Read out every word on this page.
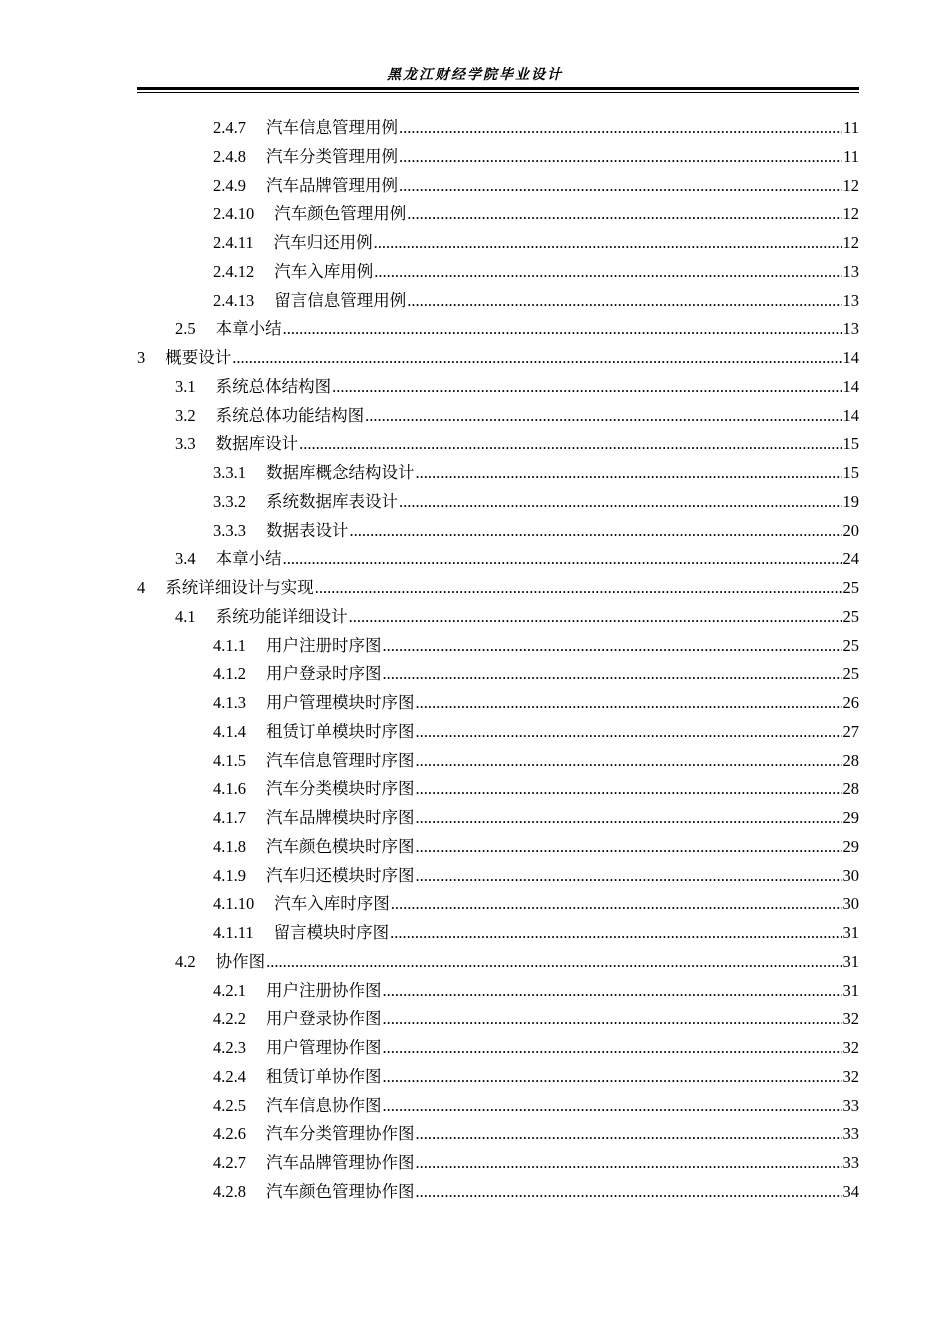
黑龙江财经学院毕业设计
2.4.7 汽车信息管理用例 .....	11
2.4.8 汽车分类管理用例 .....	11
2.4.9 汽车品牌管理用例 .....	12
2.4.10 汽车颜色管理用例 .....	12
2.4.11 汽车归还用例 .....	12
2.4.12 汽车入库用例 .....	13
2.4.13 留言信息管理用例 .....	13
2.5 本章小结 .....	13
3 概要设计 .....	14
3.1 系统总体结构图 .....	14
3.2 系统总体功能结构图 .....	14
3.3 数据库设计 .....	15
3.3.1 数据库概念结构设计 .....	15
3.3.2 系统数据库表设计 .....	19
3.3.3 数据表设计 .....	20
3.4 本章小结 .....	24
4 系统详细设计与实现 .....	25
4.1 系统功能详细设计 .....	25
4.1.1 用户注册时序图 .....	25
4.1.2 用户登录时序图 .....	25
4.1.3 用户管理模块时序图 .....	26
4.1.4 租赁订单模块时序图 .....	27
4.1.5 汽车信息管理时序图 .....	28
4.1.6 汽车分类模块时序图 .....	28
4.1.7 汽车品牌模块时序图 .....	29
4.1.8 汽车颜色模块时序图 .....	29
4.1.9 汽车归还模块时序图 .....	30
4.1.10 汽车入库时序图 .....	30
4.1.11 留言模块时序图 .....	31
4.2 协作图 .....	31
4.2.1 用户注册协作图 .....	31
4.2.2 用户登录协作图 .....	32
4.2.3 用户管理协作图 .....	32
4.2.4 租赁订单协作图 .....	32
4.2.5 汽车信息协作图 .....	33
4.2.6 汽车分类管理协作图 .....	33
4.2.7 汽车品牌管理协作图 .....	33
4.2.8 汽车颜色管理协作图 .....	34
